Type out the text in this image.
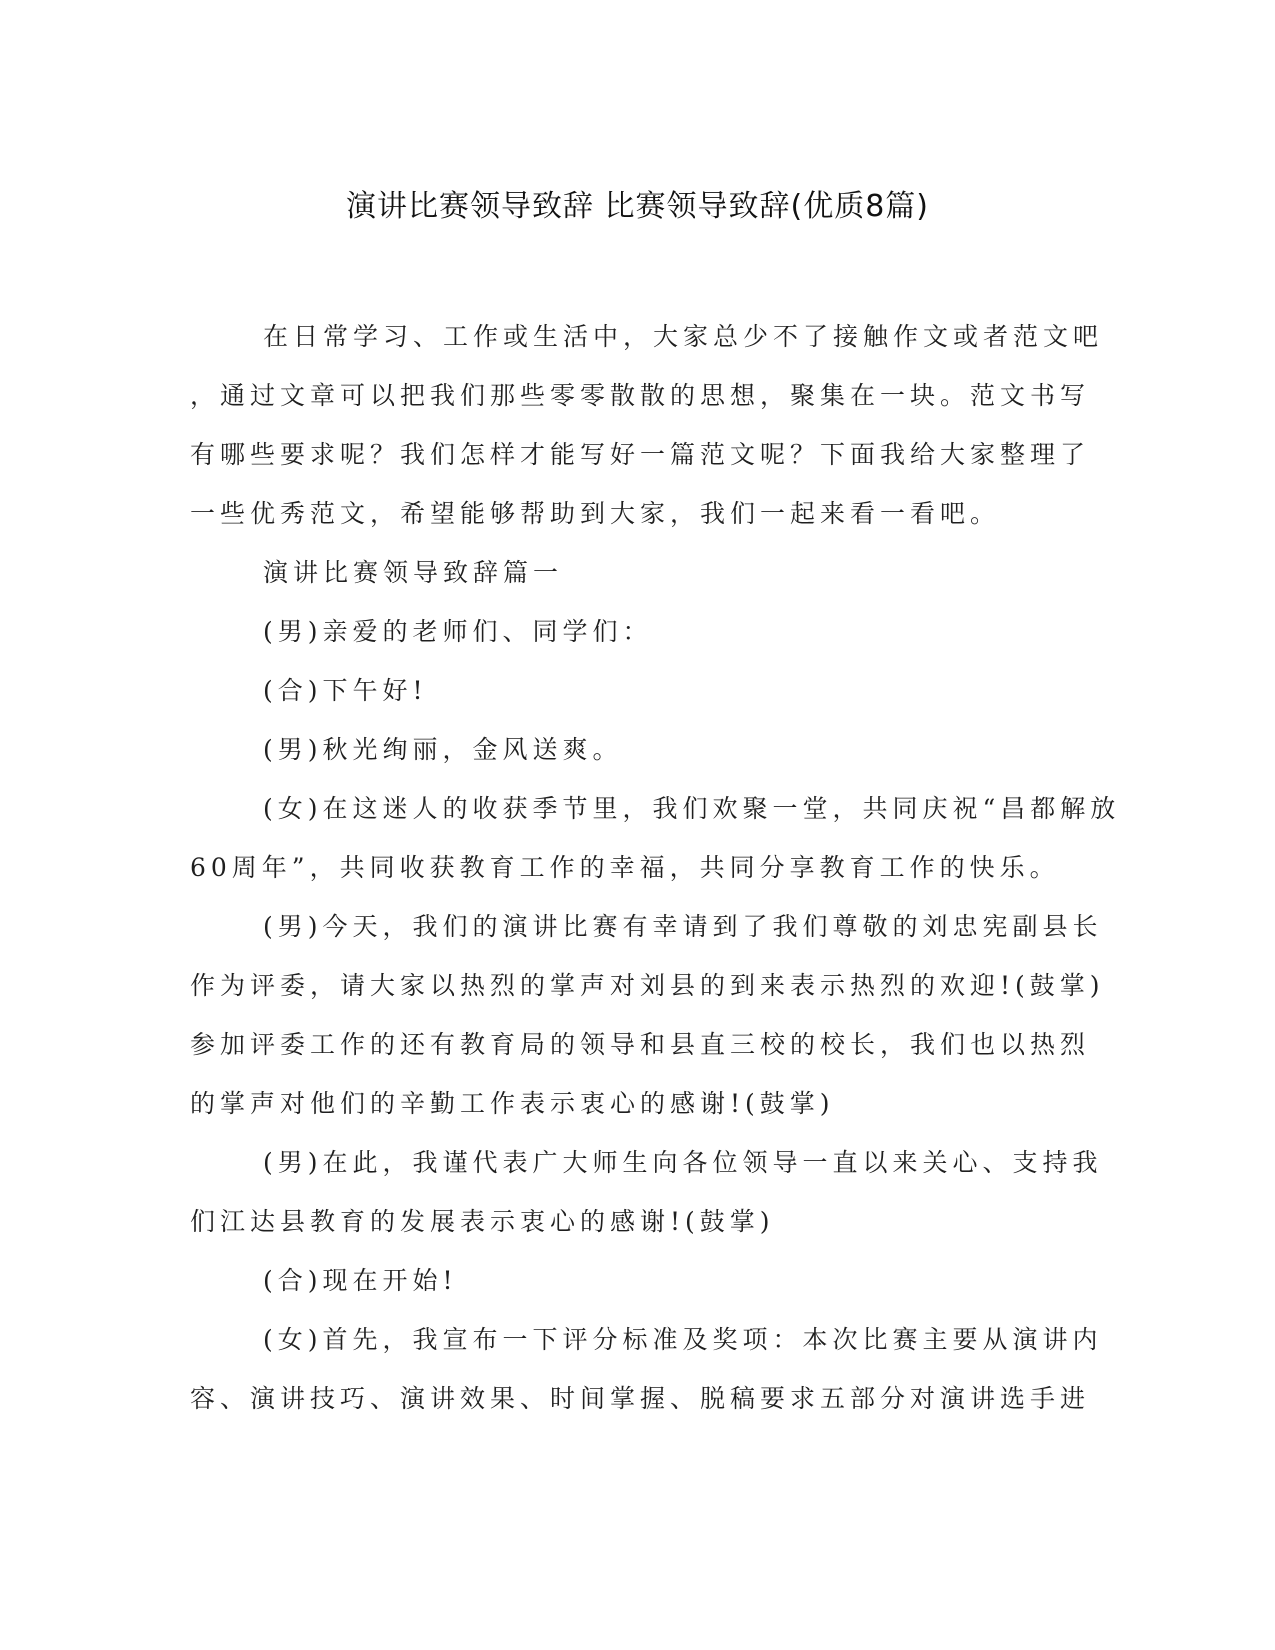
演讲比赛领导致辞 比赛领导致辞(优质8篇)
在日常学习、工作或生活中，大家总少不了接触作文或者范文吧
，通过文章可以把我们那些零零散散的思想，聚集在一块。范文书写
有哪些要求呢？我们怎样才能写好一篇范文呢？下面我给大家整理了
一些优秀范文，希望能够帮助到大家，我们一起来看一看吧。
演讲比赛领导致辞篇一
(男)亲爱的老师们、同学们：
(合)下午好!
(男)秋光绚丽，金风送爽。
(女)在这迷人的收获季节里，我们欢聚一堂，共同庆祝“昌都解放
60周年”，共同收获教育工作的幸福，共同分享教育工作的快乐。
(男)今天，我们的演讲比赛有幸请到了我们尊敬的刘忠宪副县长
作为评委，请大家以热烈的掌声对刘县的到来表示热烈的欢迎!(鼓掌)
参加评委工作的还有教育局的领导和县直三校的校长，我们也以热烈
的掌声对他们的辛勤工作表示衷心的感谢!(鼓掌)
(男)在此，我谨代表广大师生向各位领导一直以来关心、支持我
们江达县教育的发展表示衷心的感谢!(鼓掌)
(合)现在开始!
(女)首先，我宣布一下评分标准及奖项：本次比赛主要从演讲内
容、演讲技巧、演讲效果、时间掌握、脱稿要求五部分对演讲选手进
